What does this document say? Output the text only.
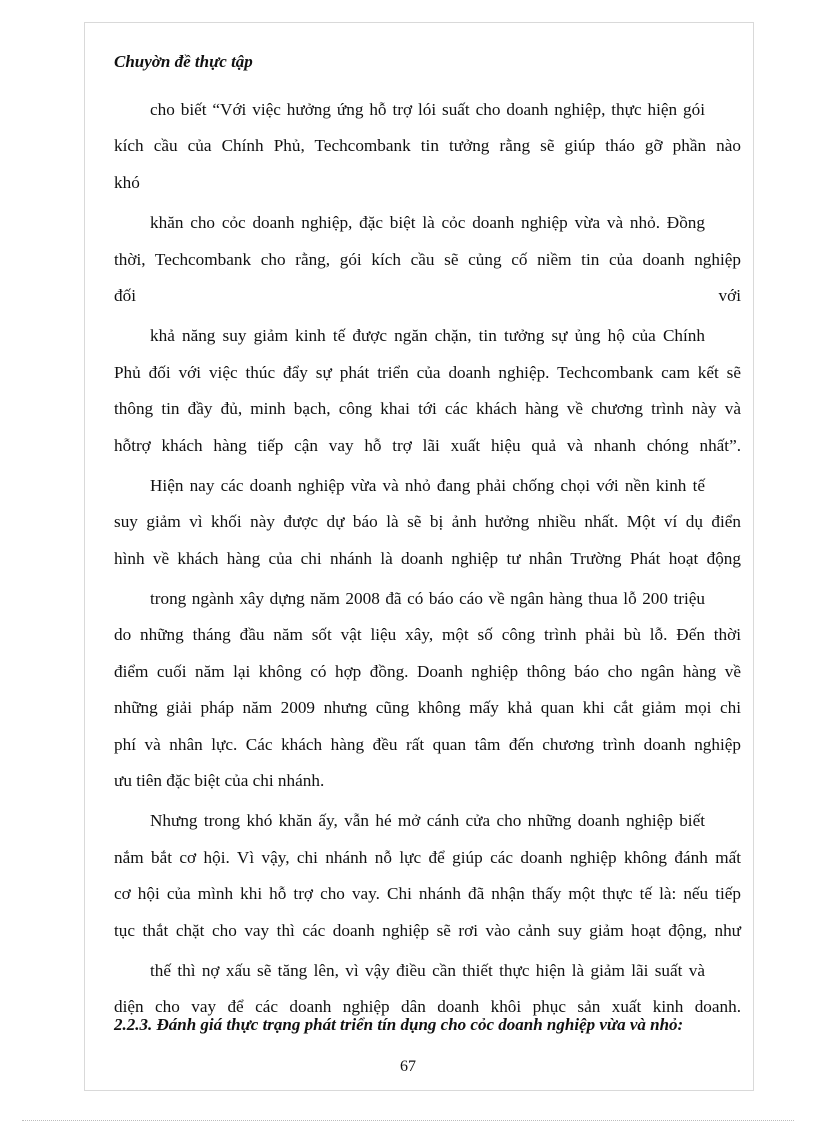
Chuyờn đề thực tập
cho biết “Với việc hưởng ứng hỗ trợ lói suất cho doanh nghiệp, thực hiện gói
kích cầu của Chính Phủ, Techcombank tin tưởng rằng sẽ giúp tháo gỡ phần nào
khó
khăn cho cỏc doanh nghiệp, đặc biệt là cỏc doanh nghiệp vừa và nhỏ. Đồng
thời, Techcombank cho rằng, gói kích cầu sẽ củng cố niềm tin của doanh nghiệp
đối với
khả năng suy giảm kinh tế được ngăn chặn, tin tưởng sự ủng hộ của Chính
Phủ đối với việc thúc đẩy sự phát triển của doanh nghiệp. Techcombank cam kết sẽ
thông tin đầy đủ, minh bạch, công khai tới các khách hàng về chương trình này và
hỗtrợ khách hàng tiếp cận vay hỗ trợ lãi xuất hiệu quả và nhanh chóng nhất”.
Hiện nay các doanh nghiệp vừa và nhỏ đang phải chống chọi với nền kinh tế
suy giảm vì khối này được dự báo là sẽ bị ảnh hưởng nhiều nhất. Một ví dụ điển
hình về khách hàng của chi nhánh là doanh nghiệp tư nhân Trường Phát hoạt động
trong ngành xây dựng năm 2008 đã có báo cáo về ngân hàng thua lỗ 200 triệu
do những tháng đầu năm sốt vật liệu xây, một số công trình phải bù lỗ. Đến thời
điểm cuối năm lại không có hợp đồng. Doanh nghiệp thông báo cho ngân hàng về
những giải pháp năm 2009 nhưng cũng không mấy khả quan khi cắt giảm mọi chi
phí và nhân lực. Các khách hàng đều rất quan tâm đến chương trình doanh nghiệp
ưu tiên đặc biệt của chi nhánh.
Nhưng trong khó khăn ấy, vẫn hé mở cánh cửa cho những doanh nghiệp biết
nắm bắt cơ hội. Vì vậy, chi nhánh nỗ lực để giúp các doanh nghiệp không đánh mất
cơ hội của mình khi hỗ trợ cho vay. Chi nhánh đã nhận thấy một thực tế là: nếu tiếp
tục thắt chặt cho vay thì các doanh nghiệp sẽ rơi vào cảnh suy giảm hoạt động, như
thế thì nợ xấu sẽ tăng lên, vì vậy điều cần thiết thực hiện là giảm lãi suất và
diện cho vay để các doanh nghiệp dân doanh khôi phục sản xuất kinh doanh.
2.2.3. Đánh giá thực trạng phát triển tín dụng cho cỏc doanh nghiệp vừa và nhỏ:
67
